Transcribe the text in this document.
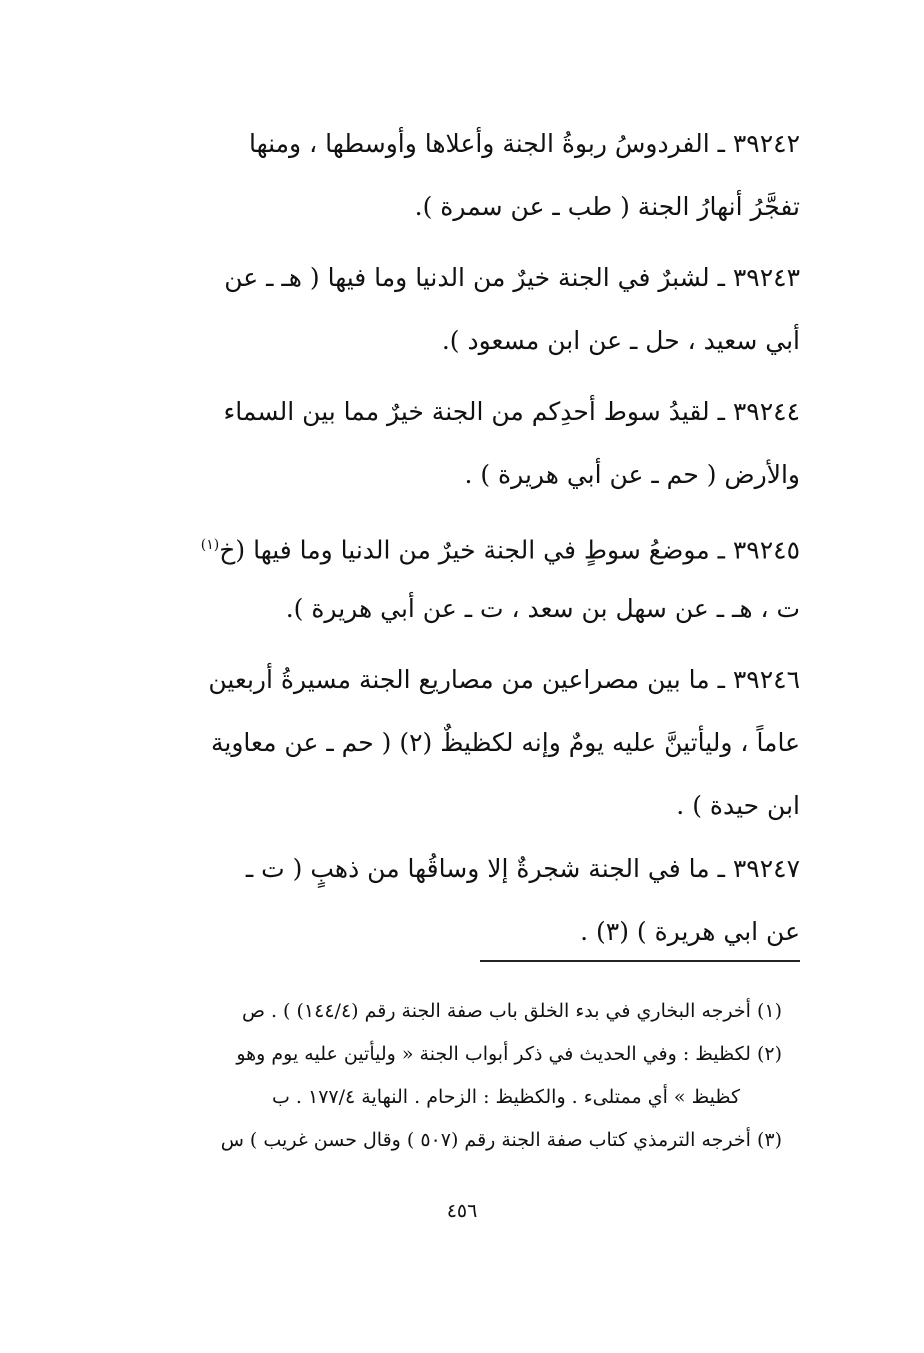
٣٩٢٤٢ ـ الفردوسُ ربوةُ الجنة وأعلاها وأوسطها ، ومنها
تفجَّرُ أنهارُ الجنة ( طب ـ عن سمرة ).
٣٩٢٤٣ ـ لشبرٌ في الجنة خيرٌ من الدنيا وما فيها ( هـ ـ عن
أبي سعيد ، حل ـ عن ابن مسعود ).
٣٩٢٤٤ ـ لقيدُ سوط أحدِكم من الجنة خيرٌ مما بين السماء
والأرض ( حم ـ عن أبي هريرة ) .
٣٩٢٤٥ ـ موضعُ سوطٍ في الجنة خيرٌ من الدنيا وما فيها (خ$^{(١)}$
ت ، هـ ـ عن سهل بن سعد ، ت ـ عن أبي هريرة ).
٣٩٢٤٦ ـ ما بين مصراعين من مصاريع الجنة مسيرةُ أربعين
عاماً ، وليأتينَّ عليه يومٌ وإنه لكظيظٌ (٢) ( حم ـ عن معاوية
ابن حيدة ) .
٣٩٢٤٧ ـ ما في الجنة شجرةٌ إلا وساقُها من ذهبٍ ( ت ـ
عن ابي هريرة ) (٣) .
(١) أخرجه البخاري في بدء الخلق باب صفة الجنة رقم (١٤٤/٤) ) . ص
(٢) لكظيظ : وفي الحديث في ذكر أبواب الجنة « وليأتين عليه يوم وهو
كظيظ » أي ممتلىء . والكظيظ : الزحام . النهاية ١٧٧/٤ . ب
(٣) أخرجه الترمذي كتاب صفة الجنة رقم (٥٠٧ ) وقال حسن غريب ) س
٤٥٦
